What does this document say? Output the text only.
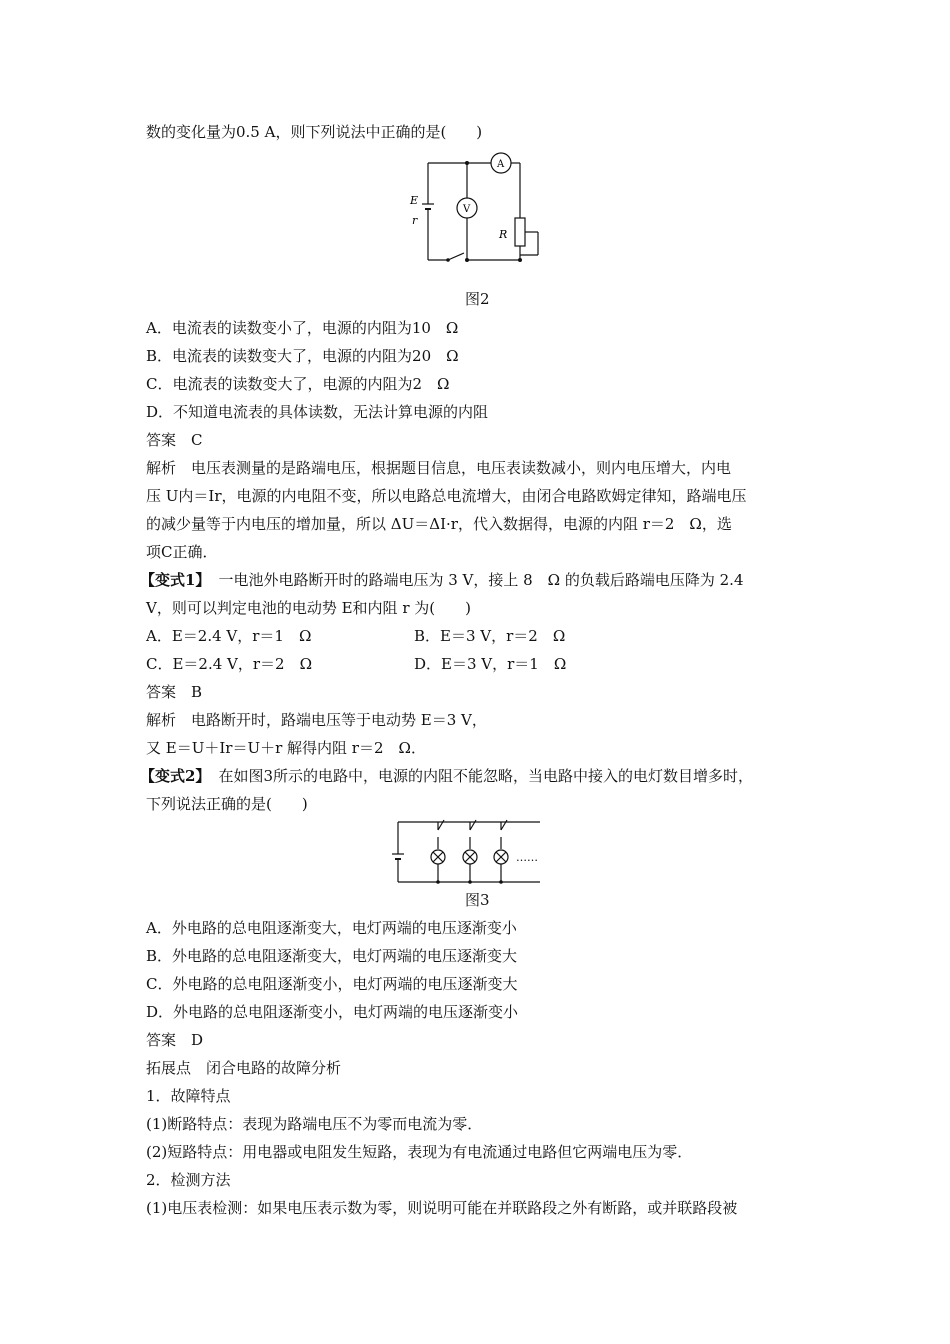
数的变化量为0.5 A，则下列说法中正确的是(　　)
E
r
V
A
R
图2
A．电流表的读数变小了，电源的内阻为10　Ω
B．电流表的读数变大了，电源的内阻为20　Ω
C．电流表的读数变大了，电源的内阻为2　Ω
D．不知道电流表的具体读数，无法计算电源的内阻
答案　C
解析　电压表测量的是路端电压，根据题目信息，电压表读数减小，则内电压增大，内电
压 U内＝Ir，电源的内电阻不变，所以电路总电流增大，由闭合电路欧姆定律知，路端电压
的减少量等于内电压的增加量，所以 ΔU＝ΔI·r，代入数据得，电源的内阻 r＝2　Ω，选
项C正确．
【变式1】 一电池外电路断开时的路端电压为 3 V，接上 8　Ω 的负载后路端电压降为 2.4
V，则可以判定电池的电动势 E和内阻 r 为(　　)
A．E＝2.4 V，r＝1　Ω	B．E＝3 V，r＝2　Ω
C．E＝2.4 V，r＝2　Ω	D．E＝3 V，r＝1　Ω
答案　B
解析　电路断开时，路端电压等于电动势 E＝3 V，
又 E＝U＋Ir＝U＋r 解得内阻 r＝2　Ω．
【变式2】 在如图3所示的电路中，电源的内阻不能忽略，当电路中接入的电灯数目增多时，
下列说法正确的是(　　)
……
图3
A．外电路的总电阻逐渐变大，电灯两端的电压逐渐变小
B．外电路的总电阻逐渐变大，电灯两端的电压逐渐变大
C．外电路的总电阻逐渐变小，电灯两端的电压逐渐变大
D．外电路的总电阻逐渐变小，电灯两端的电压逐渐变小
答案　D
拓展点　闭合电路的故障分析
1．故障特点
(1)断路特点：表现为路端电压不为零而电流为零．
(2)短路特点：用电器或电阻发生短路，表现为有电流通过电路但它两端电压为零．
2．检测方法
(1)电压表检测：如果电压表示数为零，则说明可能在并联路段之外有断路，或并联路段被
